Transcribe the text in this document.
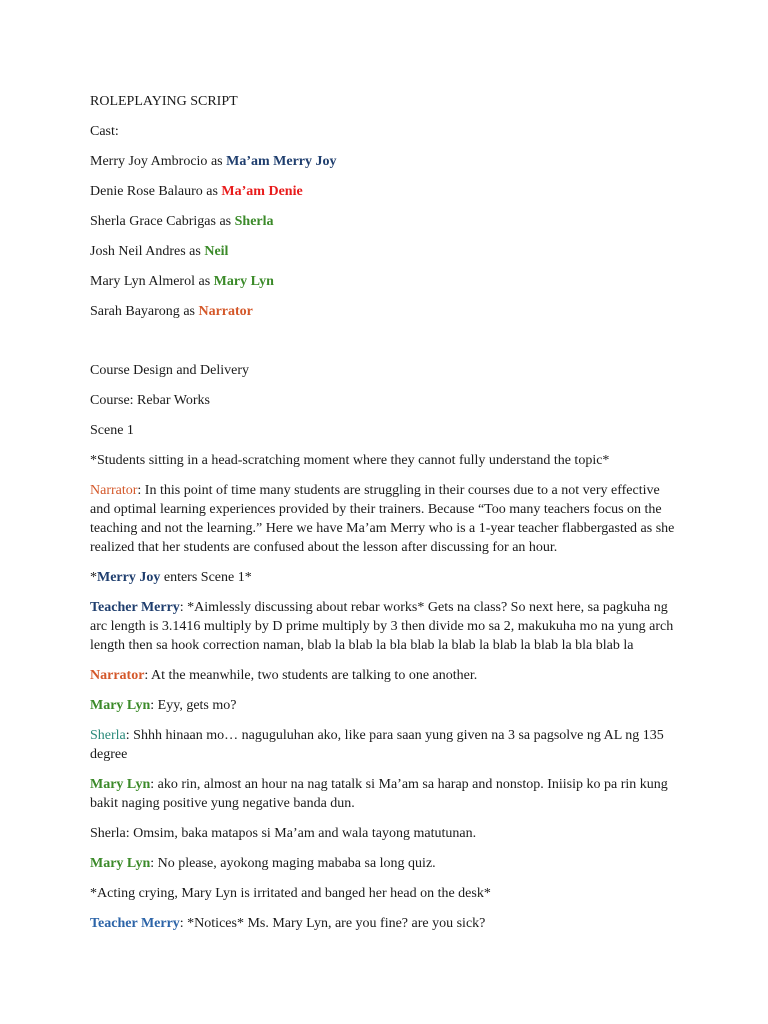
ROLEPLAYING SCRIPT

Cast:

Merry Joy Ambrocio as Ma’am Merry Joy

Denie Rose Balauro as Ma’am Denie

Sherla Grace Cabrigas as Sherla

Josh Neil Andres as Neil

Mary Lyn Almerol as Mary Lyn

Sarah Bayarong as Narrator

Course Design and Delivery

Course: Rebar Works

Scene 1

*Students sitting in a head-scratching moment where they cannot fully understand the topic*

Narrator: In this point of time many students are struggling in their courses due to a not very effective and optimal learning experiences provided by their trainers. Because “Too many teachers focus on the teaching and not the learning.” Here we have Ma’am Merry who is a 1-year teacher flabbergasted as she realized that her students are confused about the lesson after discussing for an hour.

*Merry Joy enters Scene 1*

Teacher Merry: *Aimlessly discussing about rebar works* Gets na class? So next here, sa pagkuha ng arc length is 3.1416 multiply by D prime multiply by 3 then divide mo sa 2, makukuha mo na yung arch length then sa hook correction naman, blab la blab la bla blab la blab la blab la blab la bla blab la

Narrator: At the meanwhile, two students are talking to one another.

Mary Lyn: Eyy, gets mo?

Sherla: Shhh hinaan mo… naguguluhan ako, like para saan yung given na 3 sa pagsolve ng AL ng 135 degree

Mary Lyn: ako rin, almost an hour na nag tatalk si Ma’am sa harap and nonstop. Iniisip ko pa rin kung bakit naging positive yung negative banda dun.

Sherla: Omsim, baka matapos si Ma’am and wala tayong matutunan.

Mary Lyn: No please, ayokong maging mababa sa long quiz.

*Acting crying, Mary Lyn is irritated and banged her head on the desk*

Teacher Merry: *Notices* Ms. Mary Lyn, are you fine? are you sick?
